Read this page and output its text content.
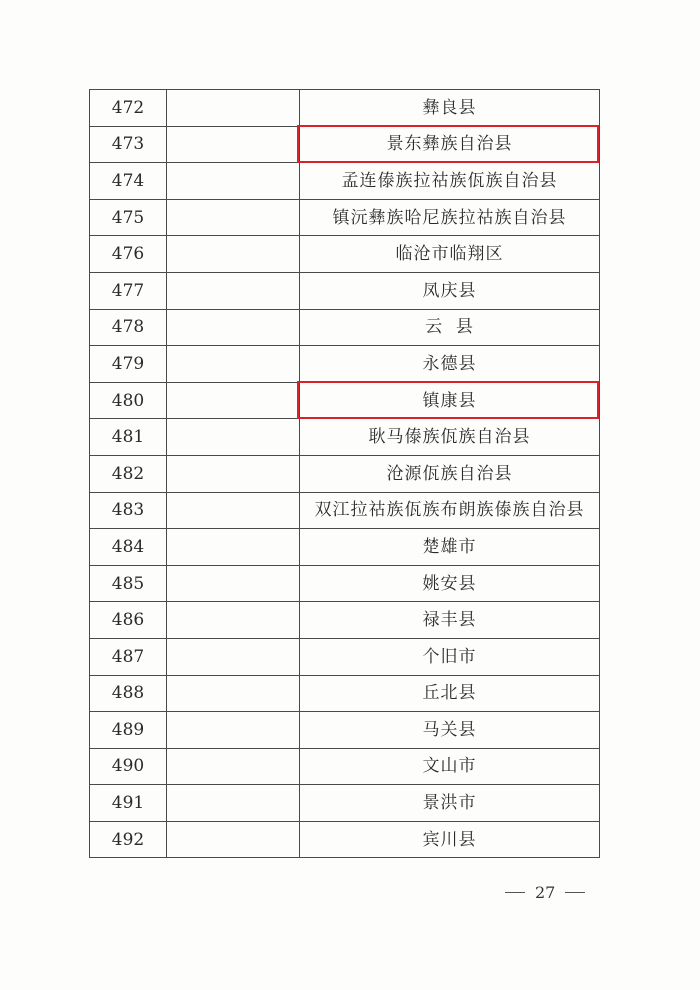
472		彝良县
473		景东彝族自治县
474		孟连傣族拉祜族佤族自治县
475		镇沅彝族哈尼族拉祜族自治县
476		临沧市临翔区
477		凤庆县
478		云  县
479		永德县
480		镇康县
481		耿马傣族佤族自治县
482		沧源佤族自治县
483		双江拉祜族佤族布朗族傣族自治县
484		楚雄市
485		姚安县
486		禄丰县
487		个旧市
488		丘北县
489		马关县
490		文山市
491		景洪市
492		宾川县
27
